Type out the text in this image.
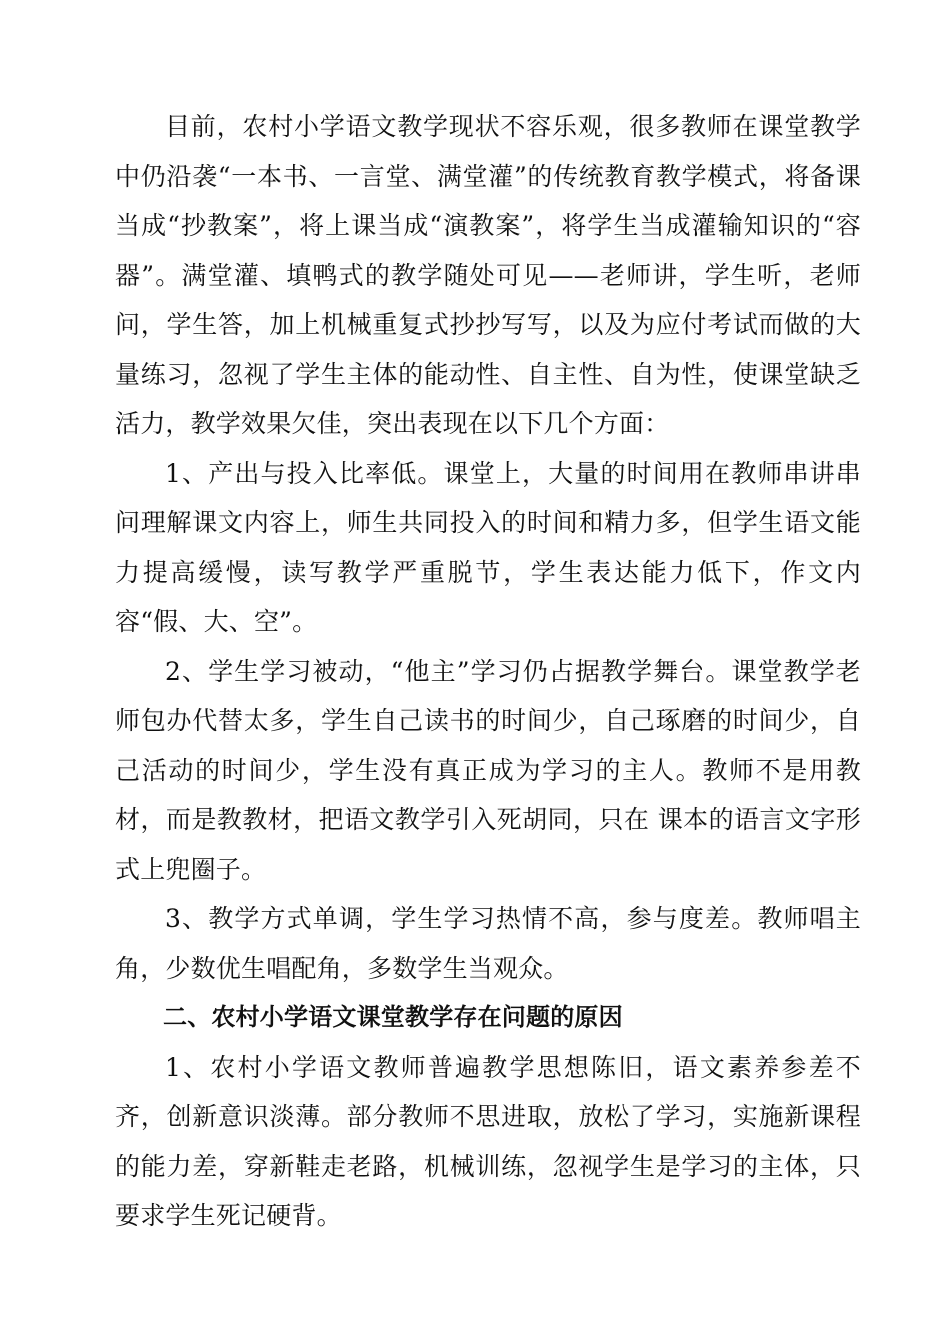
目前，农村小学语文教学现状不容乐观，很多教师在课堂教学中仍沿袭“一本书、一言堂、满堂灌”的传统教育教学模式，将备课当成“抄教案”，将上课当成“演教案”，将学生当成灌输知识的“容器”。满堂灌、填鸭式的教学随处可见——老师讲，学生听，老师问，学生答，加上机械重复式抄抄写写，以及为应付考试而做的大量练习，忽视了学生主体的能动性、自主性、自为性，使课堂缺乏活力，教学效果欠佳，突出表现在以下几个方面：

1、产出与投入比率低。课堂上，大量的时间用在教师串讲串问理解课文内容上，师生共同投入的时间和精力多，但学生语文能力提高缓慢，读写教学严重脱节，学生表达能力低下，作文内容“假、大、空”。

2、学生学习被动，“他主”学习仍占据教学舞台。课堂教学老师包办代替太多，学生自己读书的时间少，自己琢磨的时间少，自己活动的时间少，学生没有真正成为学习的主人。教师不是用教材，而是教教材，把语文教学引入死胡同，只在 课本的语言文字形式上兜圈子。

3、教学方式单调，学生学习热情不高，参与度差。教师唱主角，少数优生唱配角，多数学生当观众。

二、农村小学语文课堂教学存在问题的原因

1、农村小学语文教师普遍教学思想陈旧，语文素养参差不齐，创新意识淡薄。部分教师不思进取，放松了学习，实施新课程的能力差，穿新鞋走老路，机械训练，忽视学生是学习的主体，只要求学生死记硬背。
